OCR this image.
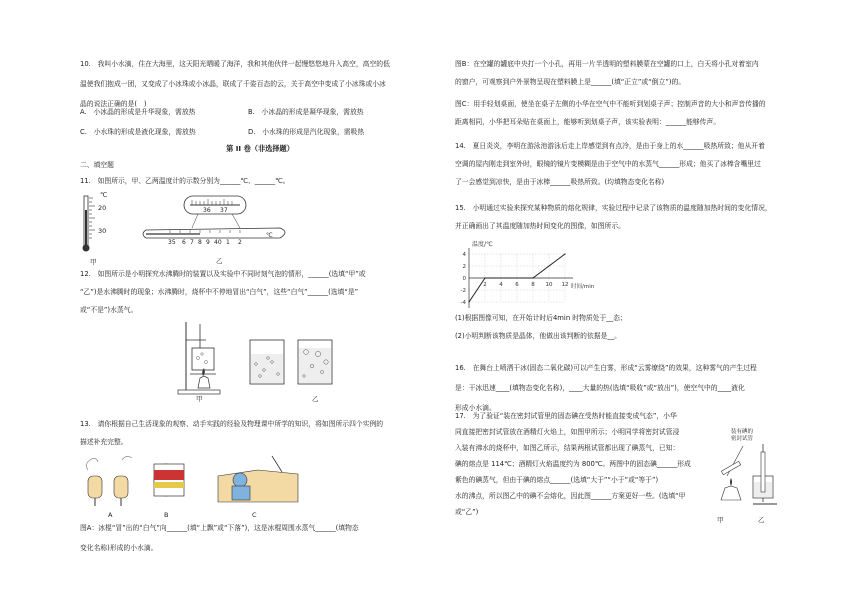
10.　我叫小水滴，住在大海里，这天阳光晒暖了海洋，我和其他伙伴一起慢悠悠地升入高空，高空的低
温使我们抱成一团，又变成了小冰珠或小冰晶，联成了千姿百态的云，关于高空中变成了小冰珠或小冰
晶的说法正确的是(　)
A.　小冰晶的形成是升华现象，需放热	B.　小冰晶的形成是凝华现象，需放热
C.　小水珠的形成是液化现象，需放热	D.　小水珠的形成是汽化现象，需吸热
第 II 卷（非选择题）
二、填空题
11.　如图所示，甲、乙两温度计的示数分别为______℃、______℃。
℃
20
30
甲
36 37
35 6 7 8 9 40 1 2
℃
乙
12.　如图所示是小明探究水沸腾时的装置以及实验中不同时刻气泡的情形，______(选填“甲”或
“乙”)是水沸腾时的现象；水沸腾时，烧杯中不停地冒出“白气”，这些“白气”______(选填“是”
或“不是”)水蒸气。
甲	乙
13.　请你根据自己生活现象的观察、动手实践的经验及物理课中所学的知识，将如图所示四个实例的
描述补充完整。
A	B	C
图A：冰棍“冒”出的“白气”向______(填“上飘”或“下落”)，这是冰棍周围水蒸气______(填物态
变化名称)形成的小水滴。
图B：在空罐的罐底中央打一个小孔，再用一片半透明的塑料膜蒙在空罐的口上，白天将小孔对着室内
的窗户，可观察到户外景物呈现在塑料膜上是______(填“正立”或“倒立”)的。
图C：用手轻划桌面，使坐在桌子左侧的小华在空气中不能听到划桌子声；控制声音的大小和声音传播的
距离相同，小华把耳朵贴在桌面上，能够听到划桌子声，该实验表明：______能够传声。
14.　夏日炎炎，李明在游泳池游泳后走上岸感觉到有点冷，是由于身上的水______吸热所致；他从开着
空调的屋内刚走到室外时，眼镜的镜片变模糊是由于空气中的水蒸气______形成；他买了冰棒含嘴里过
了一会感觉到凉快，是由于冰棒______吸热所致。(均填物态变化名称)
15.　小明通过实验来探究某种物质的熔化规律，实验过程中记录了该物质的温度随加热时间的变化情况，
并正确画出了其温度随加热时间变化的图像，如图所示。
2 4 6 8 10 12
-4
-2
0
2
4
温度/℃
时间/min
(1)根据图像可知，在开始计时后4min 时物质处于__态；
(2)小明判断该物质是晶体，他做出该判断的依据是__。
16.　在舞台上喷洒干冰(固态二氧化碳)可以产生白雾，形成“云雾缭绕”的效果，这种雾气的产生过程
是：干冰迅速____(填物态变化名称)，____大量的热(选填“吸收”或“放出”)，使空气中的____液化
形成小水滴。
17.　为了验证“装在密封试管里的固态碘在受热时能直接变成气态”，小华
同直接把密封试管放在酒精灯火焰上，如图甲所示；小明同学将密封试管浸
入装有沸水的烧杯中，如图乙所示，结果两根试管都出现了碘蒸气，已知：
碘的熔点是 114℃；酒精灯火焰温度约为 800℃。两图中的固态碘______形成
紫色的碘蒸气，但由于碘的熔点______(选填“大于”“小于”或“等于”)
水的沸点，所以图乙中的碘不会熔化，因此图______方案更好一些。(选填“甲
或“乙”)
装有碘的
密封试管
甲	乙
